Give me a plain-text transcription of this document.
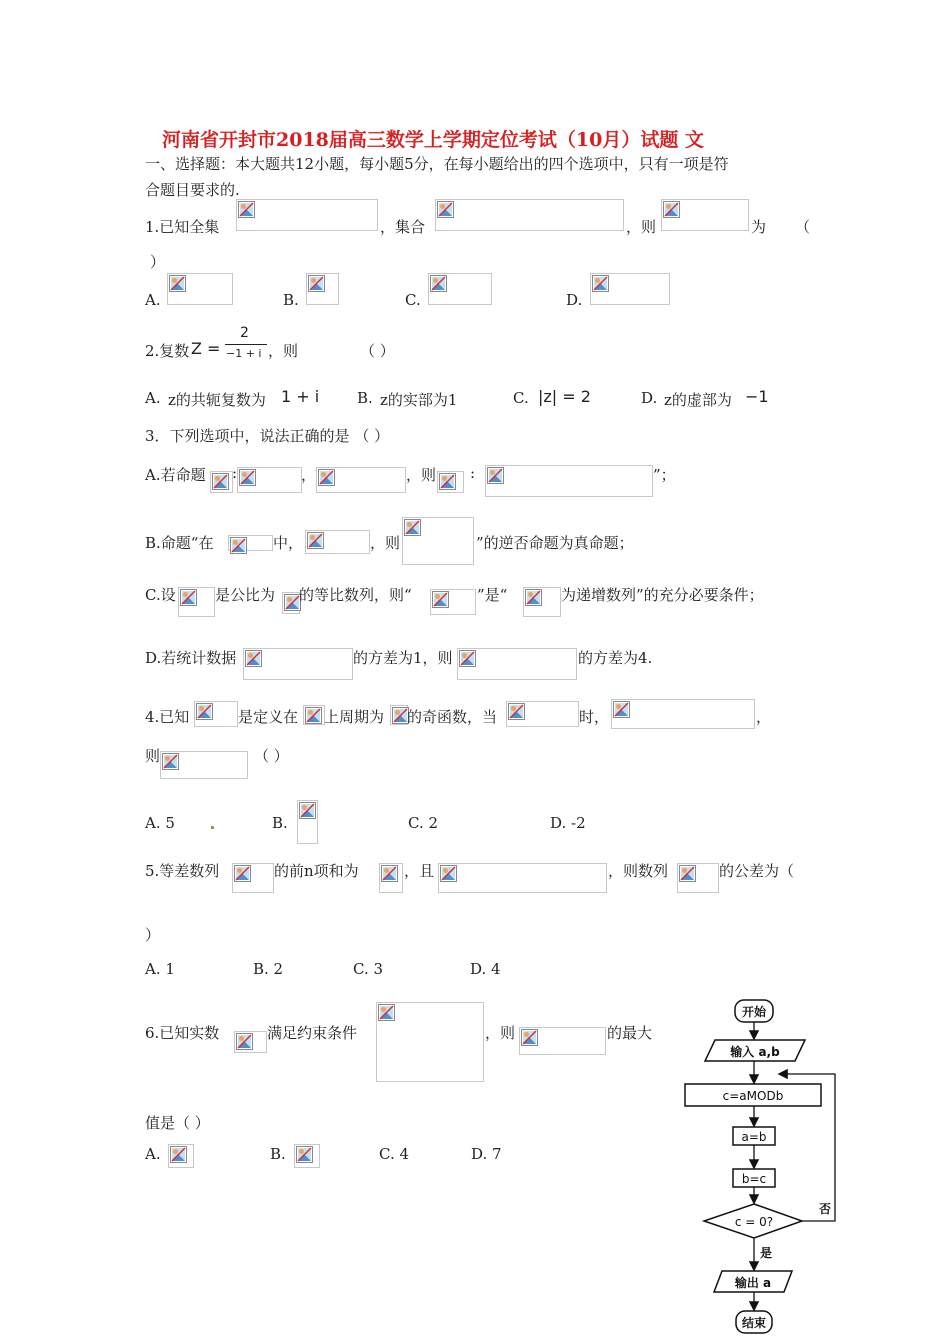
河南省开封市2018届高三数学上学期定位考试（10月）试题 文
一、选择题：本大题共12小题，每小题5分，在每小题给出的四个选项中，只有一项是符
合题目要求的.
1.已知全集	，集合	，则	为 （
）
A.	B.	C.	D.
2.复数 Z =
2
−1 + i ，则	（ ）
A. z的共轭复数为 1 + i	B. z的实部为1	C. |z| = 2	D. z的虚部为 −1
3．下列选项中，说法正确的是 （ ）
A.若命题 :	，	，则 :	”；
B.命题“在	中，	，则	”的逆否命题为真命题；
C.设	是公比为 的等比数列，则“	”是“	为递增数列”的充分必要条件；
D.若统计数据	的方差为1，则	的方差为4.
4.已知	是定义在 上周期为 的奇函数，当	时，	，
则	（ ）
A. 5	B.	C. 2	D. -2
5.等差数列	的前n项和为	，且	，则数列	的公差为（
）
A. 1	B. 2	C. 3	D. 4
6.已知实数	满足约束条件	，则	的最大
值是（ ）
A.	B.	C. 4	D. 7
开始
输入 a,b
c=aMODb
a=b
b=c
c = 0?
否
是
输出 a
结束
